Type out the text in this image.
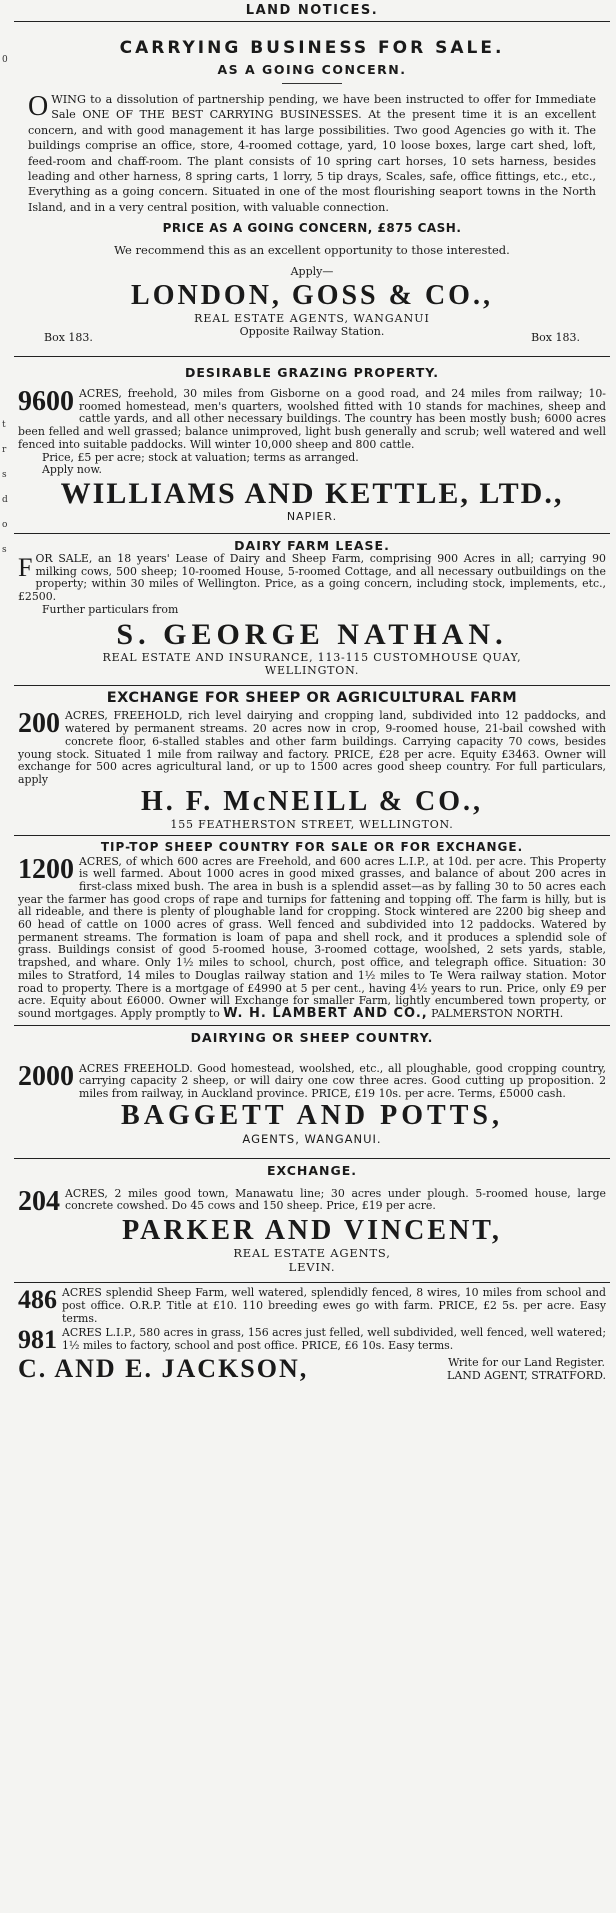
0
t
r
s
d
o
s
LAND NOTICES.
CARRYING BUSINESS FOR SALE.
AS A GOING CONCERN.
OWING to a dissolution of partnership pending, we have been instructed to offer for Immediate Sale ONE OF THE BEST CARRYING BUSINESSES. At the present time it is an excellent concern, and with good management it has large possibilities. Two good Agencies go with it. The buildings comprise an office, store, 4-roomed cottage, yard, 10 loose boxes, large cart shed, loft, feed-room and chaff-room. The plant consists of 10 spring cart horses, 10 sets harness, besides leading and other harness, 8 spring carts, 1 lorry, 5 tip drays, Scales, safe, office fittings, etc., etc., Everything as a going concern. Situated in one of the most flourishing seaport towns in the North Island, and in a very central position, with valuable connection.
PRICE AS A GOING CONCERN, £875 CASH.
We recommend this as an excellent opportunity to those interested.
Apply—
LONDON, GOSS & CO.,
REAL ESTATE AGENTS, WANGANUI
Box 183.	Opposite Railway Station.	Box 183.
DESIRABLE GRAZING PROPERTY.
9600 ACRES, freehold, 30 miles from Gisborne on a good road, and 24 miles from railway; 10-roomed homestead, men's quarters, woolshed fitted with 10 stands for machines, sheep and cattle yards, and all other necessary buildings. The country has been mostly bush; 6000 acres been felled and well grassed; balance unimproved, light bush generally and scrub; well watered and well fenced into suitable paddocks. Will winter 10,000 sheep and 800 cattle.
Price, £5 per acre; stock at valuation; terms as arranged.
Apply now.
WILLIAMS AND KETTLE, LTD.,
NAPIER.
DAIRY FARM LEASE.
FOR SALE, an 18 years' Lease of Dairy and Sheep Farm, comprising 900 Acres in all; carrying 90 milking cows, 500 sheep; 10-roomed House, 5-roomed Cottage, and all necessary outbuildings on the property; within 30 miles of Wellington. Price, as a going concern, including stock, implements, etc., £2500.
Further particulars from
S. GEORGE NATHAN.
REAL ESTATE AND INSURANCE, 113-115 CUSTOMHOUSE QUAY,
WELLINGTON.
EXCHANGE FOR SHEEP OR AGRICULTURAL FARM
200 ACRES, FREEHOLD, rich level dairying and cropping land, subdivided into 12 paddocks, and watered by permanent streams. 20 acres now in crop, 9-roomed house, 21-bail cowshed with concrete floor, 6-stalled stables and other farm buildings. Carrying capacity 70 cows, besides young stock. Situated 1 mile from railway and factory. PRICE, £28 per acre. Equity £3463. Owner will exchange for 500 acres agricultural land, or up to 1500 acres good sheep country. For full particulars, apply
H. F. McNEILL & CO.,
155 FEATHERSTON STREET, WELLINGTON.
TIP-TOP SHEEP COUNTRY FOR SALE OR FOR EXCHANGE.
1200 ACRES, of which 600 acres are Freehold, and 600 acres L.I.P., at 10d. per acre. This Property is well farmed. About 1000 acres in good mixed grasses, and balance of about 200 acres in first-class mixed bush. The area in bush is a splendid asset—as by falling 30 to 50 acres each year the farmer has good crops of rape and turnips for fattening and topping off. The farm is hilly, but is all rideable, and there is plenty of ploughable land for cropping. Stock wintered are 2200 big sheep and 60 head of cattle on 1000 acres of grass. Well fenced and subdivided into 12 paddocks. Watered by permanent streams. The formation is loam of papa and shell rock, and it produces a splendid sole of grass. Buildings consist of good 5-roomed house, 3-roomed cottage, woolshed, 2 sets yards, stable, trapshed, and whare. Only 1½ miles to school, church, post office, and telegraph office. Situation: 30 miles to Stratford, 14 miles to Douglas railway station and 1½ miles to Te Wera railway station. Motor road to property. There is a mortgage of £4990 at 5 per cent., having 4½ years to run. Price, only £9 per acre. Equity about £6000. Owner will Exchange for smaller Farm, lightly encumbered town property, or sound mortgages. Apply promptly to W. H. LAMBERT AND CO., PALMERSTON NORTH.
DAIRYING OR SHEEP COUNTRY.
2000 ACRES FREEHOLD. Good homestead, woolshed, etc., all ploughable, good cropping country, carrying capacity 2 sheep, or will dairy one cow three acres. Good cutting up proposition. 2 miles from railway, in Auckland province. PRICE, £19 10s. per acre. Terms, £5000 cash.
BAGGETT AND POTTS,
AGENTS, WANGANUI.
EXCHANGE.
204 ACRES, 2 miles good town, Manawatu line; 30 acres under plough. 5-roomed house, large concrete cowshed. Do 45 cows and 150 sheep. Price, £19 per acre.
PARKER AND VINCENT,
REAL ESTATE AGENTS,
LEVIN.
486 ACRES splendid Sheep Farm, well watered, splendidly fenced, 8 wires, 10 miles from school and post office. O.R.P. Title at £10. 110 breeding ewes go with farm. PRICE, £2 5s. per acre. Easy terms.
981 ACRES L.I.P., 580 acres in grass, 156 acres just felled, well subdivided, well fenced, well watered; 1½ miles to factory, school and post office. PRICE, £6 10s. Easy terms.
C. AND E. JACKSON,	Write for our Land Register.
LAND AGENT, STRATFORD.
